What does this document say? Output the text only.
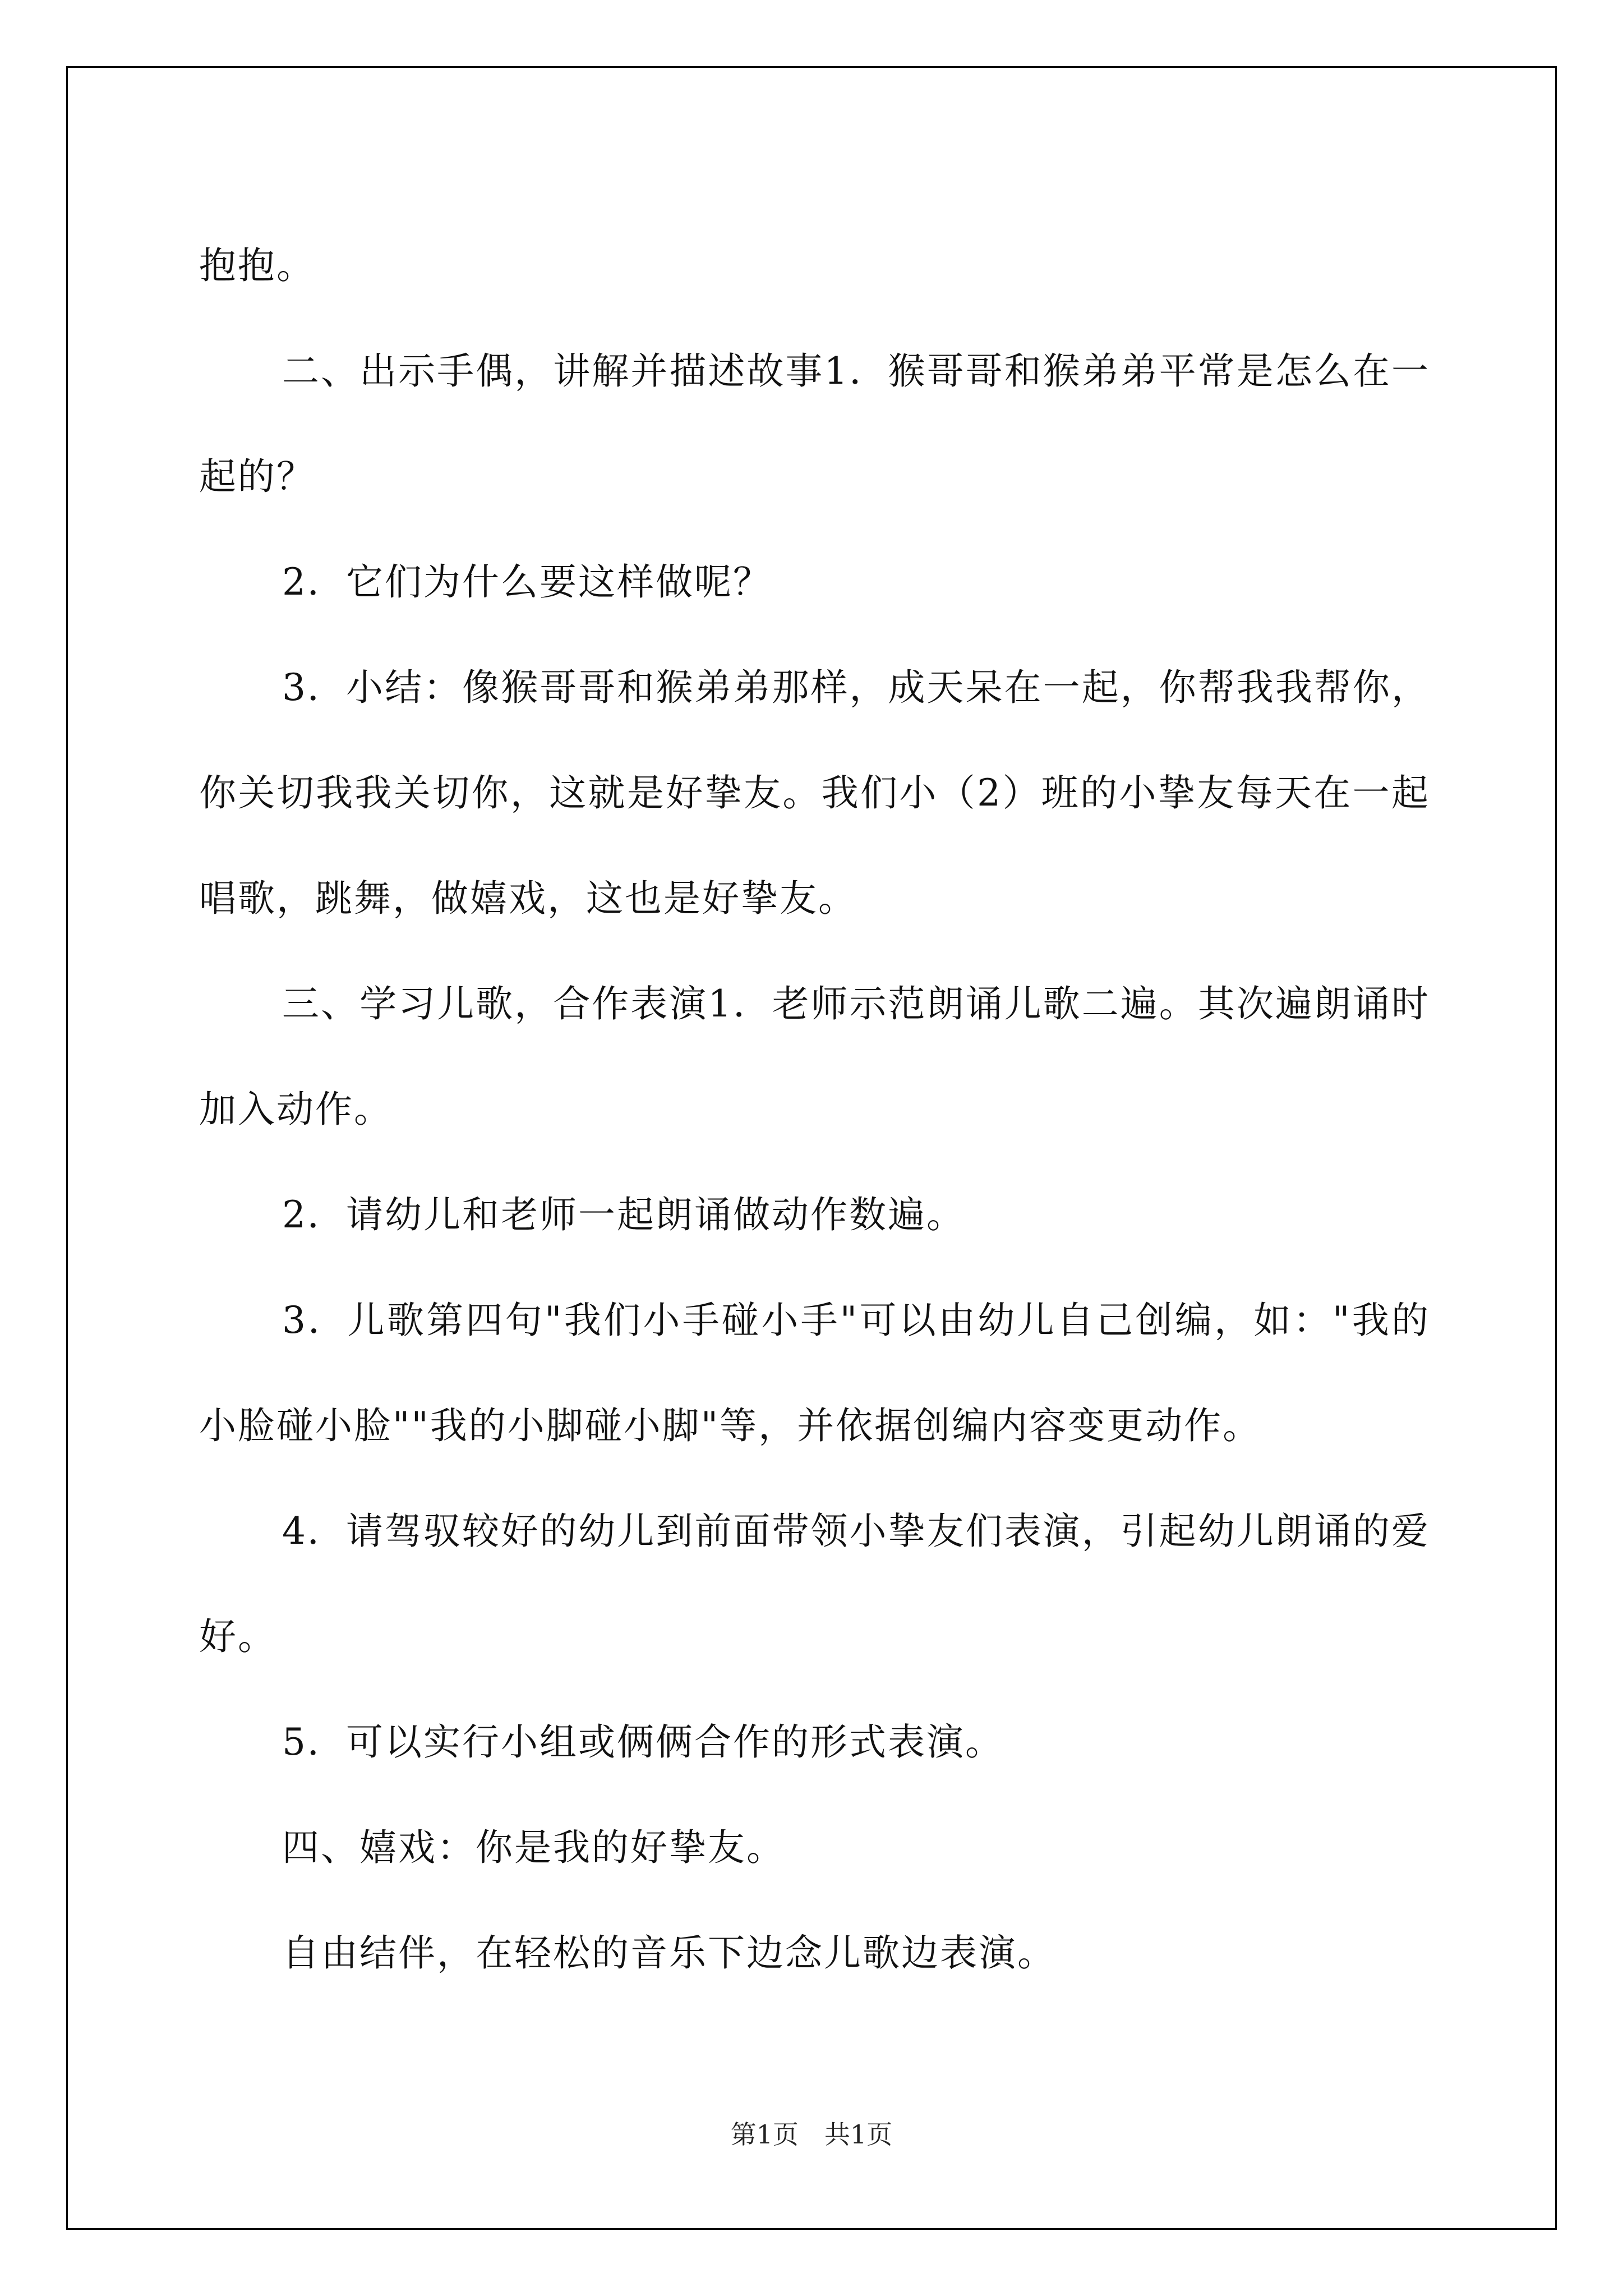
抱抱。

二、出示手偶，讲解并描述故事1．猴哥哥和猴弟弟平常是怎么在一起的？

2．它们为什么要这样做呢？

3．小结：像猴哥哥和猴弟弟那样，成天呆在一起，你帮我我帮你，你关切我我关切你，这就是好挚友。我们小（2）班的小挚友每天在一起唱歌，跳舞，做嬉戏，这也是好挚友。

三、学习儿歌，合作表演1．老师示范朗诵儿歌二遍。其次遍朗诵时加入动作。

2．请幼儿和老师一起朗诵做动作数遍。

3．儿歌第四句"我们小手碰小手"可以由幼儿自己创编，如："我的小脸碰小脸""我的小脚碰小脚"等，并依据创编内容变更动作。

4．请驾驭较好的幼儿到前面带领小挚友们表演，引起幼儿朗诵的爱好。

5．可以实行小组或俩俩合作的形式表演。

四、嬉戏：你是我的好挚友。

自由结伴，在轻松的音乐下边念儿歌边表演。

第1页　共1页
